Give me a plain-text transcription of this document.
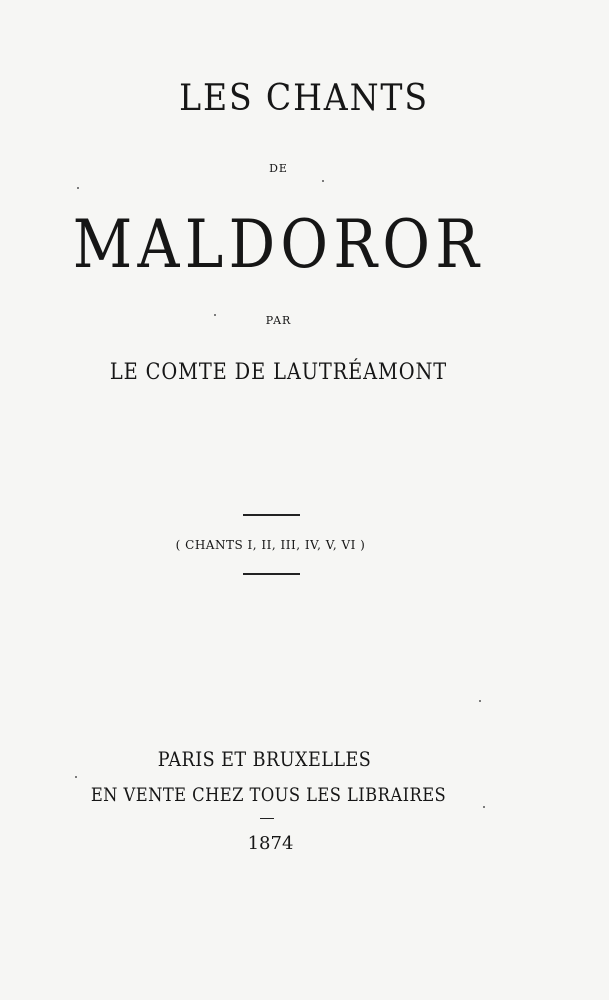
LES CHANTS
DE
MALDOROR
PAR
LE COMTE DE LAUTRÉAMONT
( CHANTS I, II, III, IV, V, VI )
PARIS ET BRUXELLES
EN VENTE CHEZ TOUS LES LIBRAIRES
1874
